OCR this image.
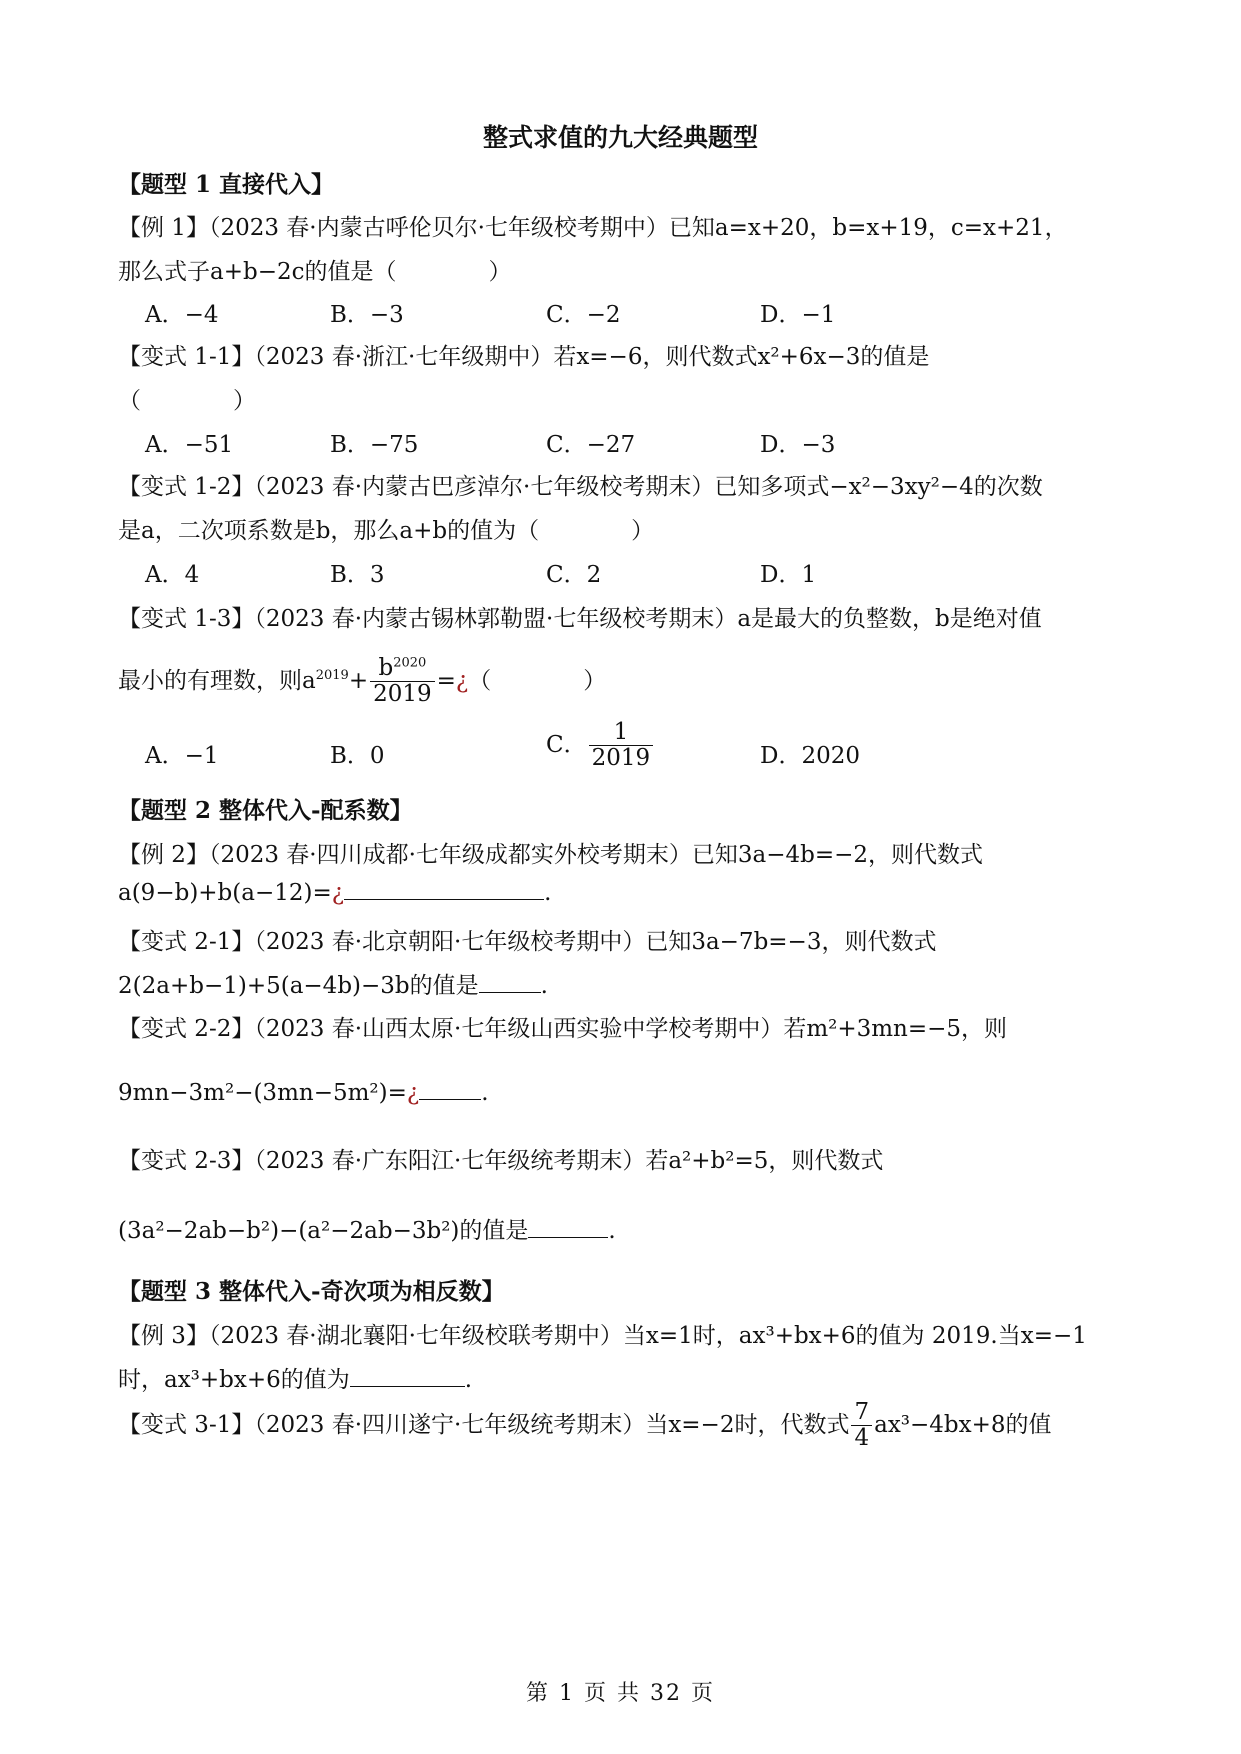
整式求值的九大经典题型
【题型 1 直接代入】
【例 1】（2023 春·内蒙古呼伦贝尔·七年级校考期中）已知a=x+20，b=x+19，c=x+21，
那么式子a+b−2c的值是（　　　　）
A．−4	B．−3	C．−2	D．−1
【变式 1-1】（2023 春·浙江·七年级期中）若x=−6，则代数式x²+6x−3的值是
（　　　　）
A．−51	B．−75	C．−27	D．−3
【变式 1-2】（2023 春·内蒙古巴彦淖尔·七年级校考期末）已知多项式−x²−3xy²−4的次数
是a，二次项系数是b，那么a+b的值为（　　　　）
A．4	B．3	C．2	D．1
【变式 1-3】（2023 春·内蒙古锡林郭勒盟·七年级校考期末）a是最大的负整数，b是绝对值
最小的有理数，则$a^{2019}+ \frac{b^{2020}}{2019}$ =¿（　　　　）
A．−1	B．0	C． $\frac{1}{2019}$	D．2020
【题型 2 整体代入-配系数】
【例 2】（2023 春·四川成都·七年级成都实外校考期末）已知3a−4b=−2，则代数式
a(9−b)+b(a−12)=¿	.
【变式 2-1】（2023 春·北京朝阳·七年级校考期中）已知3a−7b=−3，则代数式
2(2a+b−1)+5(a−4b)−3b的值是	.
【变式 2-2】（2023 春·山西太原·七年级山西实验中学校考期中）若m²+3mn=−5，则
9mn−3m²−(3mn−5m²)=¿	.
【变式 2-3】（2023 春·广东阳江·七年级统考期末）若a²+b²=5，则代数式
(3a²−2ab−b²)−(a²−2ab−3b²)的值是	.
【题型 3 整体代入-奇次项为相反数】
【例 3】（2023 春·湖北襄阳·七年级校联考期中）当x=1时，ax³+bx+6的值为 2019.当x=−1
时，ax³+bx+6的值为	.
【变式 3-1】（2023 春·四川遂宁·七年级统考期末）当x=−2时，代数式 $\frac{7}{4} ax^3-4bx+8$的值
第 1 页 共 32 页
